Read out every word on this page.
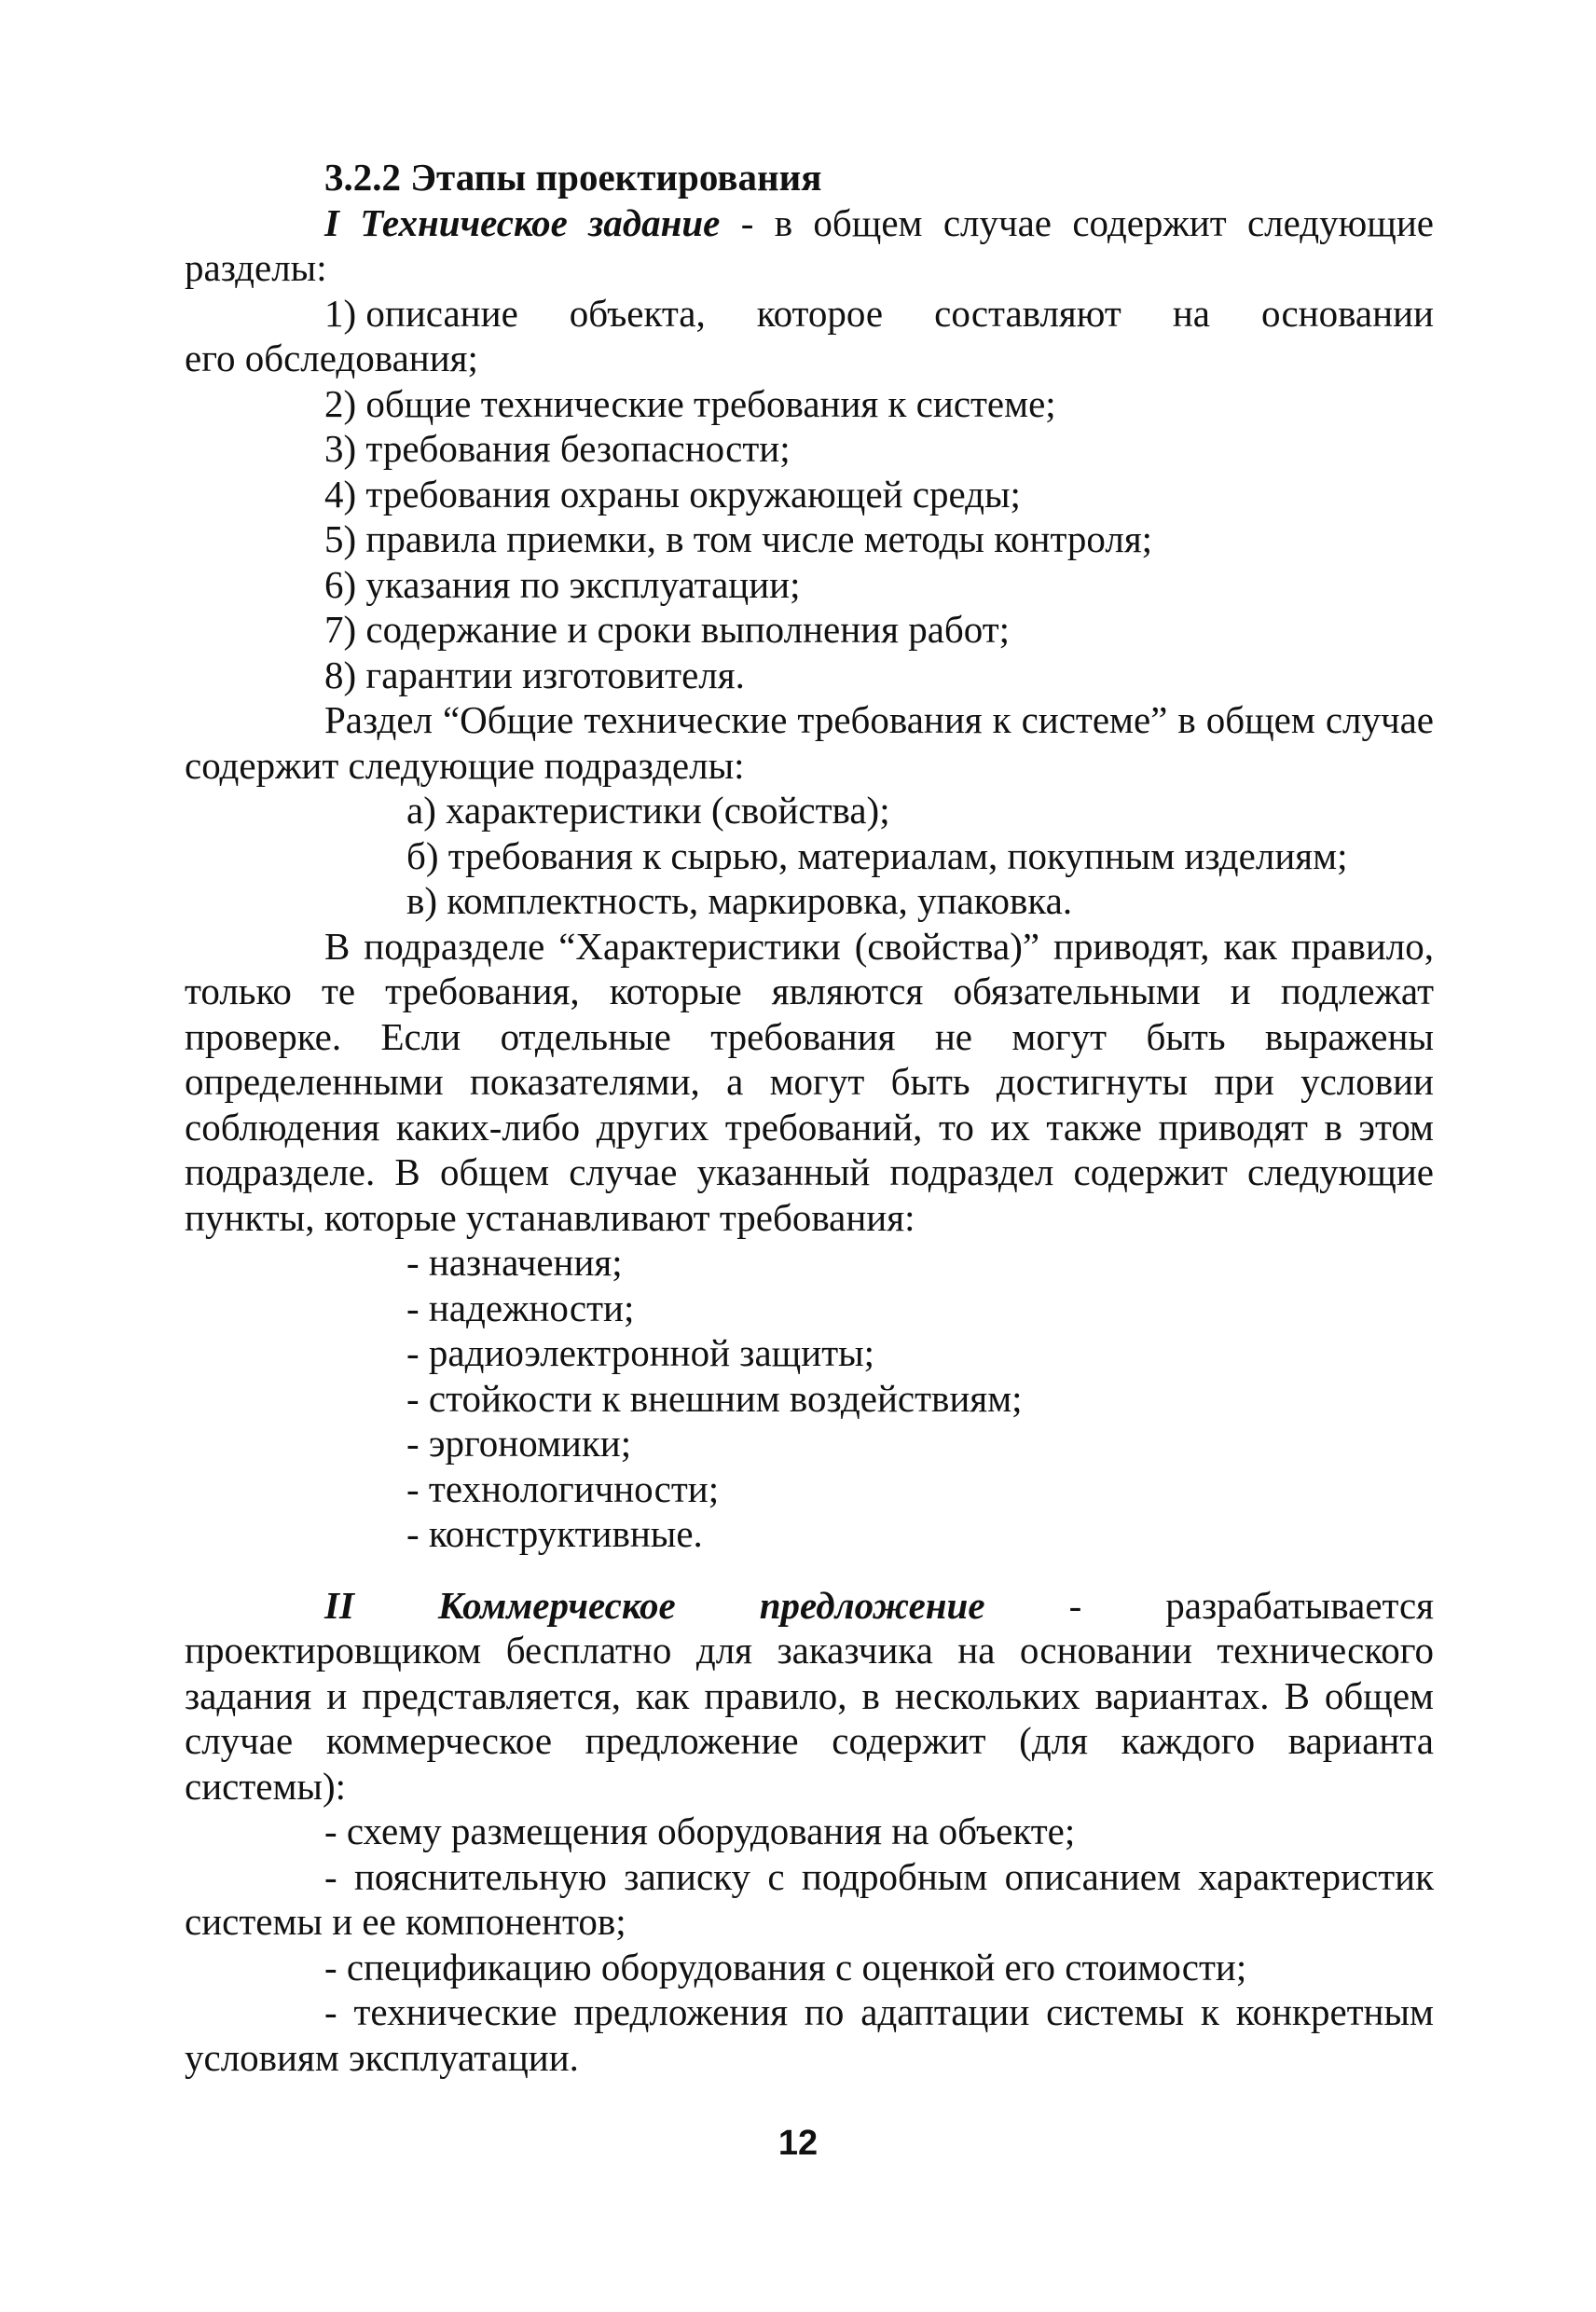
3.2.2 Этапы проектирования

I Техническое задание - в общем случае содержит следующие разделы:

1) описание объекта, которое составляют на основании

его обследования;

2) общие технические требования к системе;

3) требования безопасности;

4) требования охраны окружающей среды;

5) правила приемки, в том числе методы контроля;

6) указания по эксплуатации;

7) содержание и сроки выполнения работ;

8) гарантии изготовителя.

Раздел “Общие технические требования к системе” в общем случае содержит следующие подразделы:

а) характеристики (свойства);

б) требования к сырью, материалам, покупным изделиям;

в) комплектность, маркировка, упаковка.

В подразделе “Характеристики (свойства)” приводят, как правило, только те требования, которые являются обязательными и подлежат проверке. Если отдельные требования не могут быть выражены определенными показателями, а могут быть достигнуты при условии соблюдения каких-либо других требований, то их также приводят в этом подразделе. В общем случае указанный подраздел содержит следующие пункты, которые устанавливают требования:

- назначения;

- надежности;

- радиоэлектронной защиты;

- стойкости к внешним воздействиям;

- эргономики;

- технологичности;

- конструктивные.

II Коммерческое предложение - разрабатывается проектировщиком бесплатно для заказчика на основании технического задания и представляется, как правило, в нескольких вариантах. В общем случае коммерческое предложение содержит (для каждого варианта системы):

- схему размещения оборудования на объекте;

- пояснительную записку с подробным описанием характеристик системы и ее компонентов;

- спецификацию оборудования с оценкой его стоимости;

- технические предложения по адаптации системы к конкретным условиям эксплуатации.

12
